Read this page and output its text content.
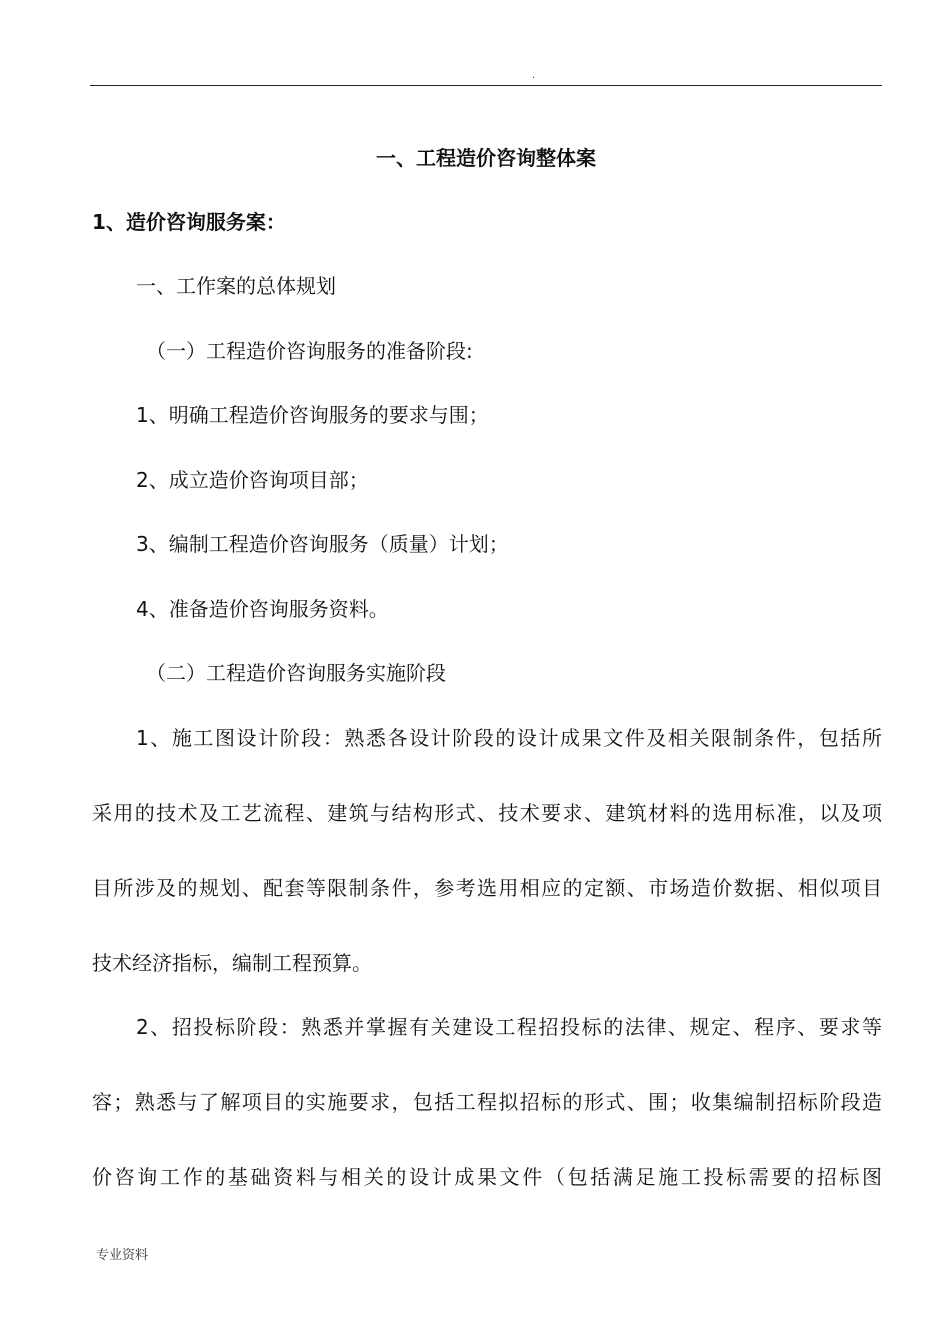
.
一、工程造价咨询整体案
1、造价咨询服务案：
一、工作案的总体规划
（一）工程造价咨询服务的准备阶段:
1、明确工程造价咨询服务的要求与围；
2、成立造价咨询项目部；
3、编制工程造价咨询服务（质量）计划；
4、准备造价咨询服务资料。
（二）工程造价咨询服务实施阶段
1、施工图设计阶段：熟悉各设计阶段的设计成果文件及相关限制条件，包括所
采用的技术及工艺流程、建筑与结构形式、技术要求、建筑材料的选用标准，以及项
目所涉及的规划、配套等限制条件，参考选用相应的定额、市场造价数据、相似项目
技术经济指标，编制工程预算。
2、招投标阶段：熟悉并掌握有关建设工程招投标的法律、规定、程序、要求等
容；熟悉与了解项目的实施要求，包括工程拟招标的形式、围；收集编制招标阶段造
价咨询工作的基础资料与相关的设计成果文件（包括满足施工投标需要的招标图
专业资料
